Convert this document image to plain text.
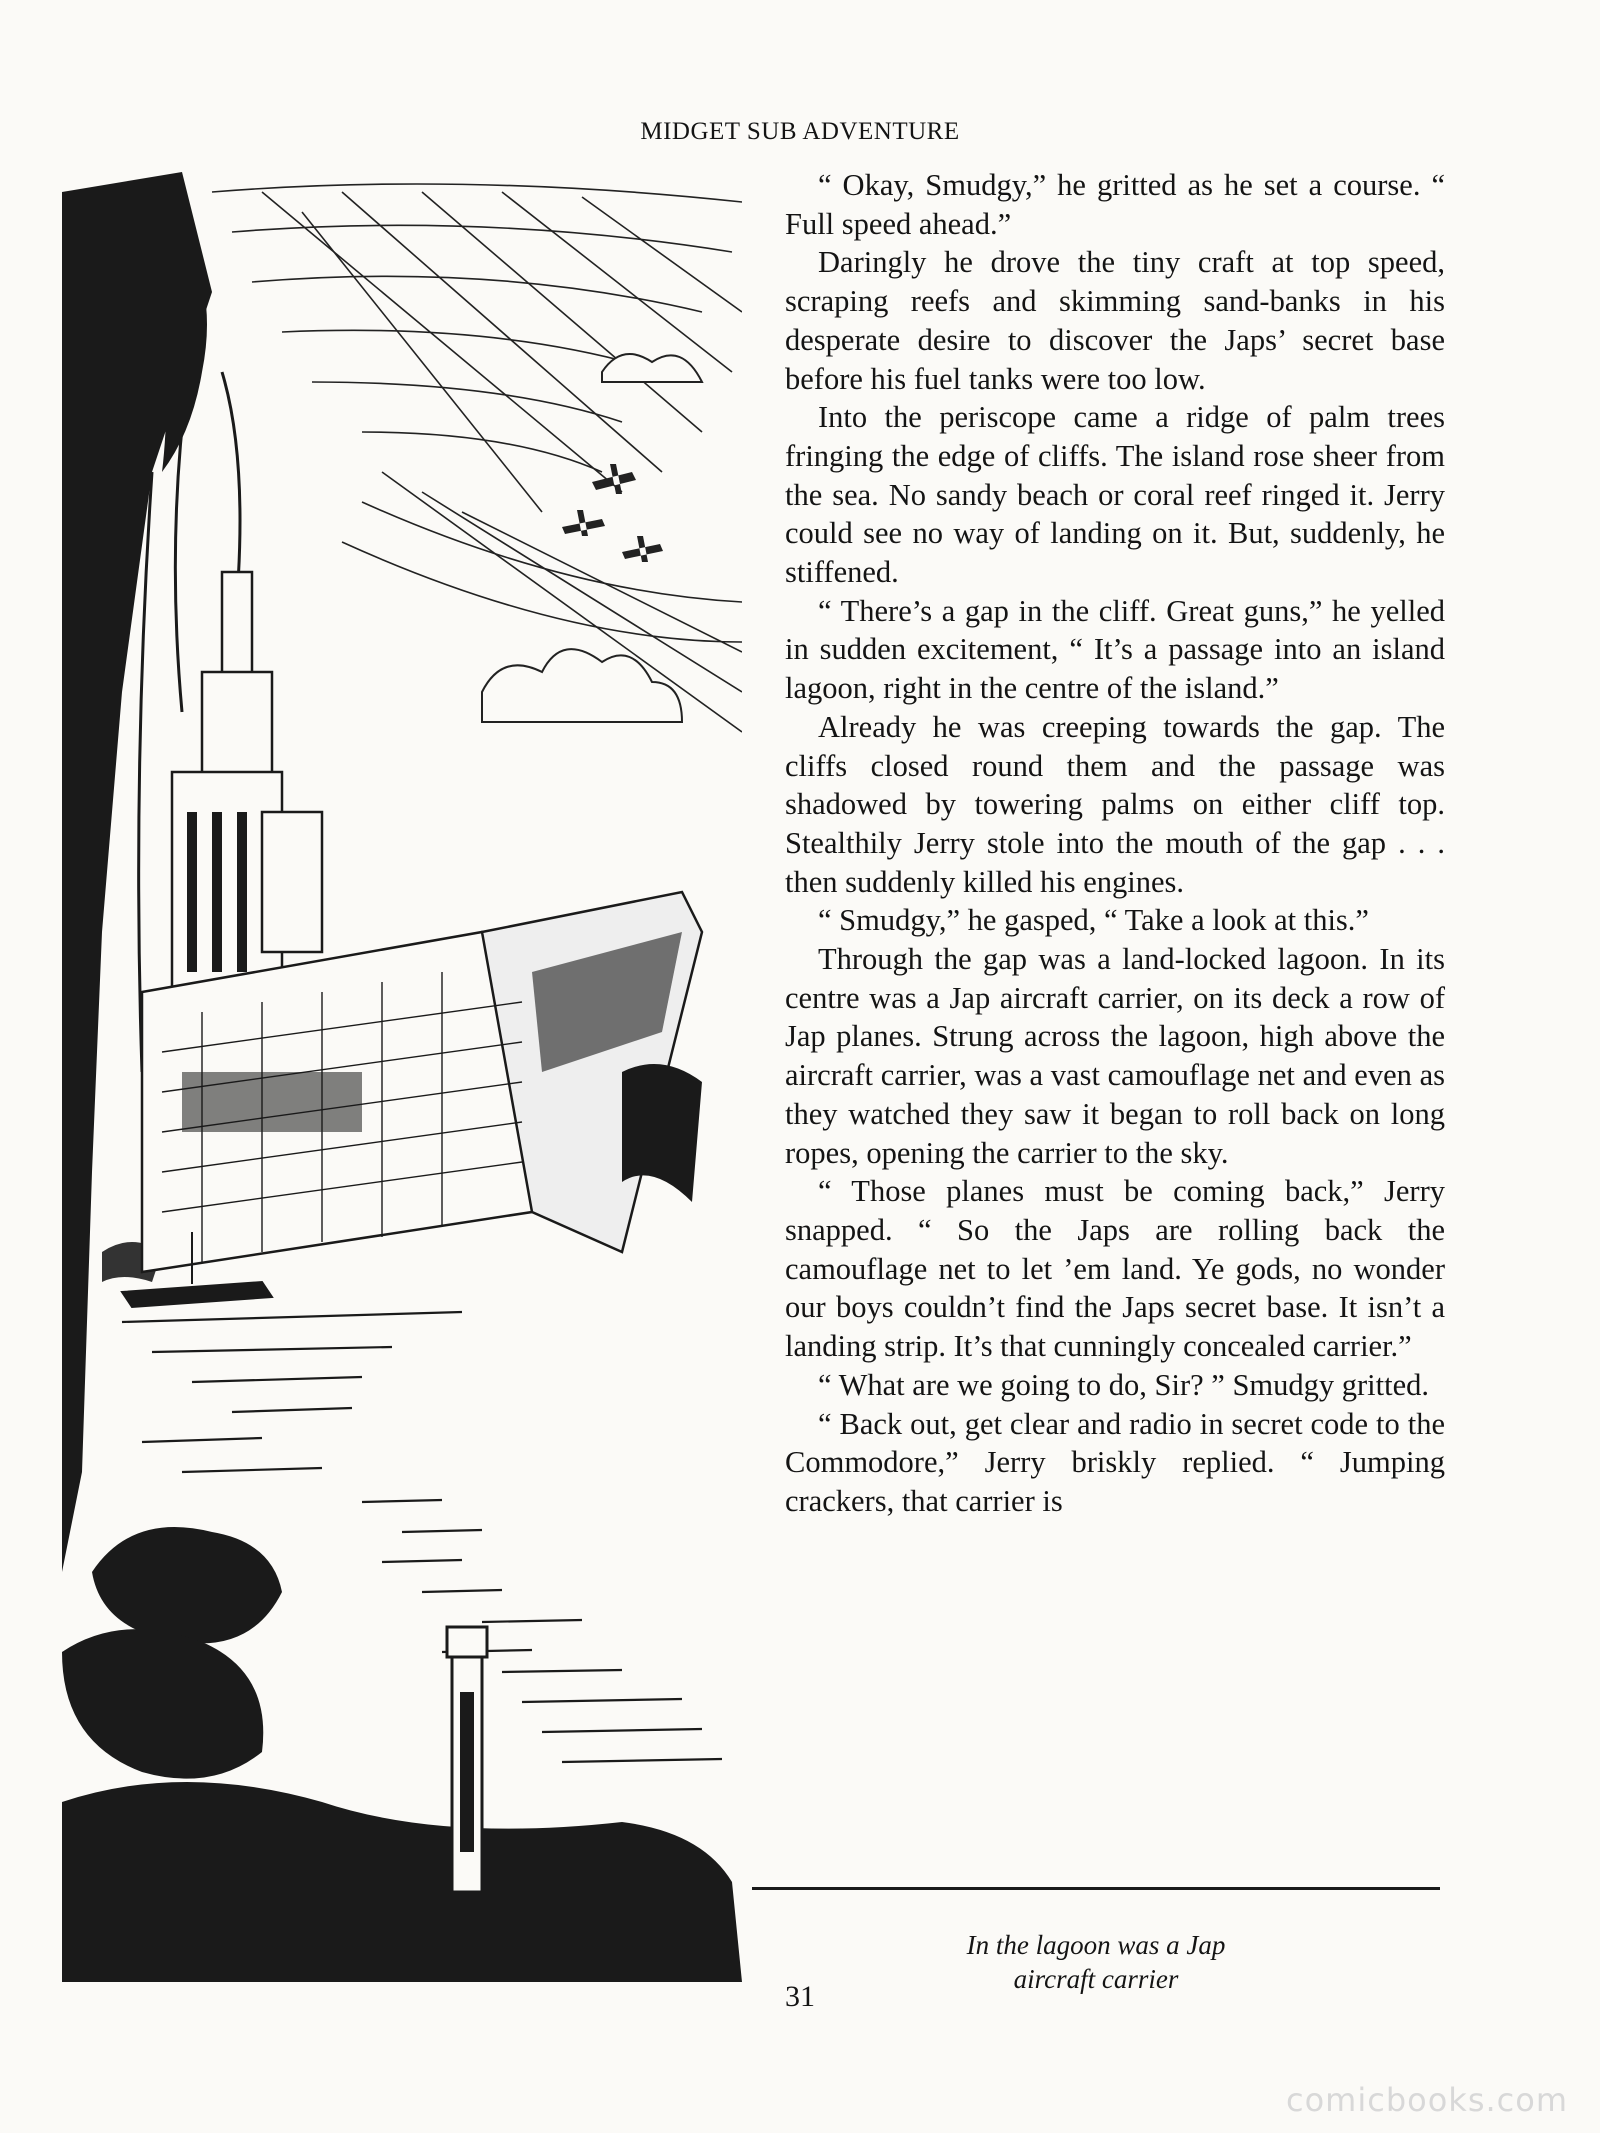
MIDGET SUB ADVENTURE

“ Okay, Smudgy,” he gritted as he set a course. “ Full speed ahead.”

Daringly he drove the tiny craft at top speed, scraping reefs and skimming sand-banks in his desperate desire to discover the Japs’ secret base before his fuel tanks were too low.

Into the periscope came a ridge of palm trees fringing the edge of cliffs. The island rose sheer from the sea. No sandy beach or coral reef ringed it. Jerry could see no way of landing on it. But, suddenly, he stiffened.

“ There’s a gap in the cliff. Great guns,” he yelled in sudden excitement, “ It’s a passage into an island lagoon, right in the centre of the island.”

Already he was creeping towards the gap. The cliffs closed round them and the passage was shadowed by towering palms on either cliff top. Stealthily Jerry stole into the mouth of the gap . . . then suddenly killed his engines.

“ Smudgy,” he gasped, “ Take a look at this.”

Through the gap was a land-locked lagoon. In its centre was a Jap aircraft carrier, on its deck a row of Jap planes. Strung across the lagoon, high above the aircraft carrier, was a vast camouflage net and even as they watched they saw it began to roll back on long ropes, opening the carrier to the sky.

“ Those planes must be coming back,” Jerry snapped. “ So the Japs are rolling back the camouflage net to let ’em land. Ye gods, no wonder our boys couldn’t find the Japs secret base. It isn’t a landing strip. It’s that cunningly concealed carrier.”

“ What are we going to do, Sir? ” Smudgy gritted.

“ Back out, get clear and radio in secret code to the Commodore,” Jerry briskly replied. “ Jumping crackers, that carrier is

In the lagoon was a Jap
aircraft carrier
31
comicbooks.com
